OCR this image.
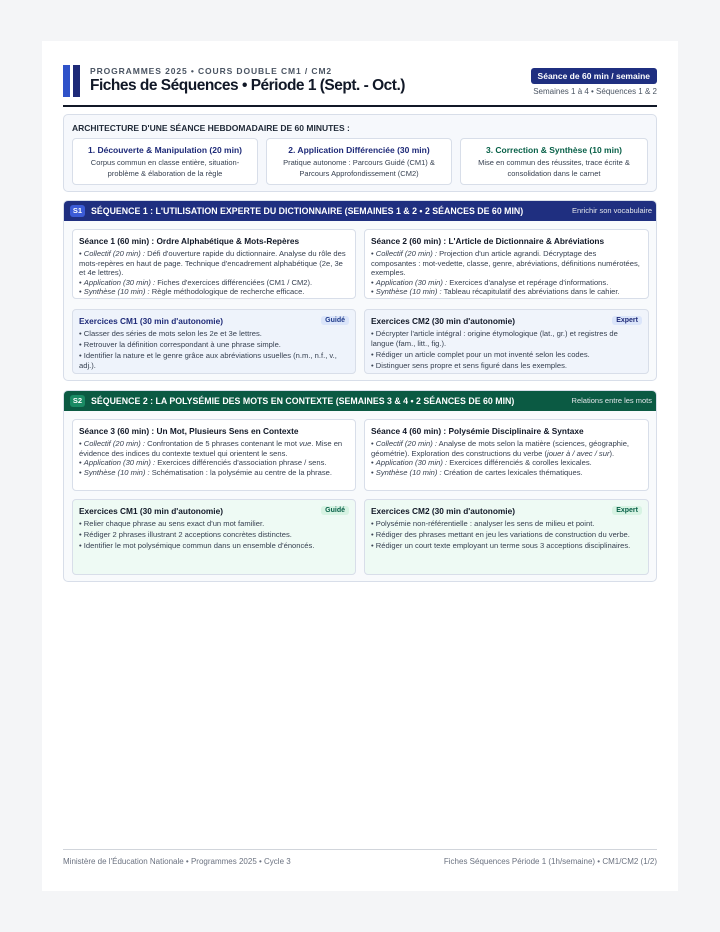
PROGRAMMES 2025 • COURS DOUBLE CM1 / CM2
Fiches de Séquences • Période 1 (Sept. - Oct.)
Séance de 60 min / semaine
Semaines 1 à 4 • Séquences 1 & 2
ARCHITECTURE D'UNE SÉANCE HEBDOMADAIRE DE 60 MINUTES :
1. Découverte & Manipulation (20 min)
Corpus commun en classe entière, situation-problème & élaboration de la règle
2. Application Différenciée (30 min)
Pratique autonome : Parcours Guidé (CM1) & Parcours Approfondissement (CM2)
3. Correction & Synthèse (10 min)
Mise en commun des réussites, trace écrite & consolidation dans le carnet
S1	SÉQUENCE 1 : L'UTILISATION EXPERTE DU DICTIONNAIRE (SEMAINES 1 & 2 • 2 SÉANCES DE 60 MIN)	Enrichir son vocabulaire
Séance 1 (60 min) : Ordre Alphabétique & Mots-Repères

• Collectif (20 min) : Défi d'ouverture rapide du dictionnaire. Analyse du rôle des mots-repères en haut de page. Technique d'encadrement alphabétique (2e, 3e et 4e lettres).

• Application (30 min) : Fiches d'exercices différenciées (CM1 / CM2).

• Synthèse (10 min) : Règle méthodologique de recherche efficace.

Séance 2 (60 min) : L'Article de Dictionnaire & Abréviations

• Collectif (20 min) : Projection d'un article agrandi. Décryptage des composantes : mot-vedette, classe, genre, abréviations, définitions numérotées, exemples.

• Application (30 min) : Exercices d'analyse et repérage d'informations.

• Synthèse (10 min) : Tableau récapitulatif des abréviations dans le cahier.

Exercices CM1 (30 min d'autonomie)	Guidé

• Classer des séries de mots selon les 2e et 3e lettres.

• Retrouver la définition correspondant à une phrase simple.

• Identifier la nature et le genre grâce aux abréviations usuelles (n.m., n.f., v., adj.).

Exercices CM2 (30 min d'autonomie)	Expert

• Décrypter l'article intégral : origine étymologique (lat., gr.) et registres de langue (fam., litt., fig.).

• Rédiger un article complet pour un mot inventé selon les codes.

• Distinguer sens propre et sens figuré dans les exemples.

S2	SÉQUENCE 2 : LA POLYSÉMIE DES MOTS EN CONTEXTE (SEMAINES 3 & 4 • 2 SÉANCES DE 60 MIN)	Relations entre les mots
Séance 3 (60 min) : Un Mot, Plusieurs Sens en Contexte

• Collectif (20 min) : Confrontation de 5 phrases contenant le mot vue. Mise en évidence des indices du contexte textuel qui orientent le sens.

• Application (30 min) : Exercices différenciés d'association phrase / sens.

• Synthèse (10 min) : Schématisation : la polysémie au centre de la phrase.

Séance 4 (60 min) : Polysémie Disciplinaire & Syntaxe

• Collectif (20 min) : Analyse de mots selon la matière (sciences, géographie, géométrie). Exploration des constructions du verbe (jouer à / avec / sur).

• Application (30 min) : Exercices différenciés & corolles lexicales.

• Synthèse (10 min) : Création de cartes lexicales thématiques.

Exercices CM1 (30 min d'autonomie)	Guidé

• Relier chaque phrase au sens exact d'un mot familier.

• Rédiger 2 phrases illustrant 2 acceptions concrètes distinctes.

• Identifier le mot polysémique commun dans un ensemble d'énoncés.

Exercices CM2 (30 min d'autonomie)	Expert

• Polysémie non-référentielle : analyser les sens de milieu et point.

• Rédiger des phrases mettant en jeu les variations de construction du verbe.

• Rédiger un court texte employant un terme sous 3 acceptions disciplinaires.

Ministère de l'Éducation Nationale • Programmes 2025 • Cycle 3	Fiches Séquences Période 1 (1h/semaine) • CM1/CM2 (1/2)
